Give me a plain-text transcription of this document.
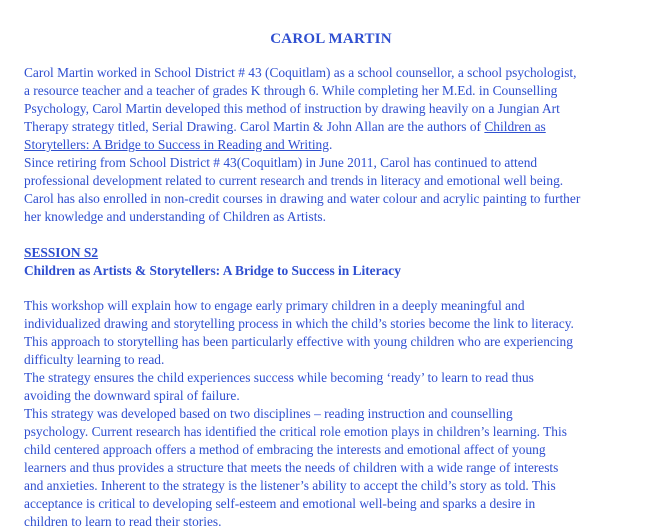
CAROL MARTIN
Carol Martin worked in School District # 43 (Coquitlam) as a school counsellor, a school psychologist,
a resource teacher and a teacher of grades K through 6. While completing her M.Ed. in Counselling
Psychology, Carol Martin developed this method of instruction by drawing heavily on a Jungian Art
Therapy strategy titled, Serial Drawing. Carol Martin & John Allan are the authors of Children as
Storytellers: A Bridge to Success in Reading and Writing.
Since retiring from School District # 43(Coquitlam) in June 2011, Carol has continued to attend
professional development related to current research and trends in literacy and emotional well being.
Carol has also enrolled in non-credit courses in drawing and water colour and acrylic painting to further
her knowledge and understanding of Children as Artists.
SESSION S2
Children as Artists & Storytellers: A Bridge to Success in Literacy
This workshop will explain how to engage early primary children in a deeply meaningful and
individualized drawing and storytelling process in which the child’s stories become the link to literacy.
This approach to storytelling has been particularly effective with young children who are experiencing
difficulty learning to read.
The strategy ensures the child experiences success while becoming ‘ready’ to learn to read thus
avoiding the downward spiral of failure.
This strategy was developed based on two disciplines – reading instruction and counselling
psychology. Current research has identified the critical role emotion plays in children’s learning. This
child centered approach offers a method of embracing the interests and emotional affect of young
learners and thus provides a structure that meets the needs of children with a wide range of interests
and anxieties. Inherent to the strategy is the listener’s ability to accept the child’s story as told. This
acceptance is critical to developing self-esteem and emotional well-being and sparks a desire in
children to learn to read their stories.
